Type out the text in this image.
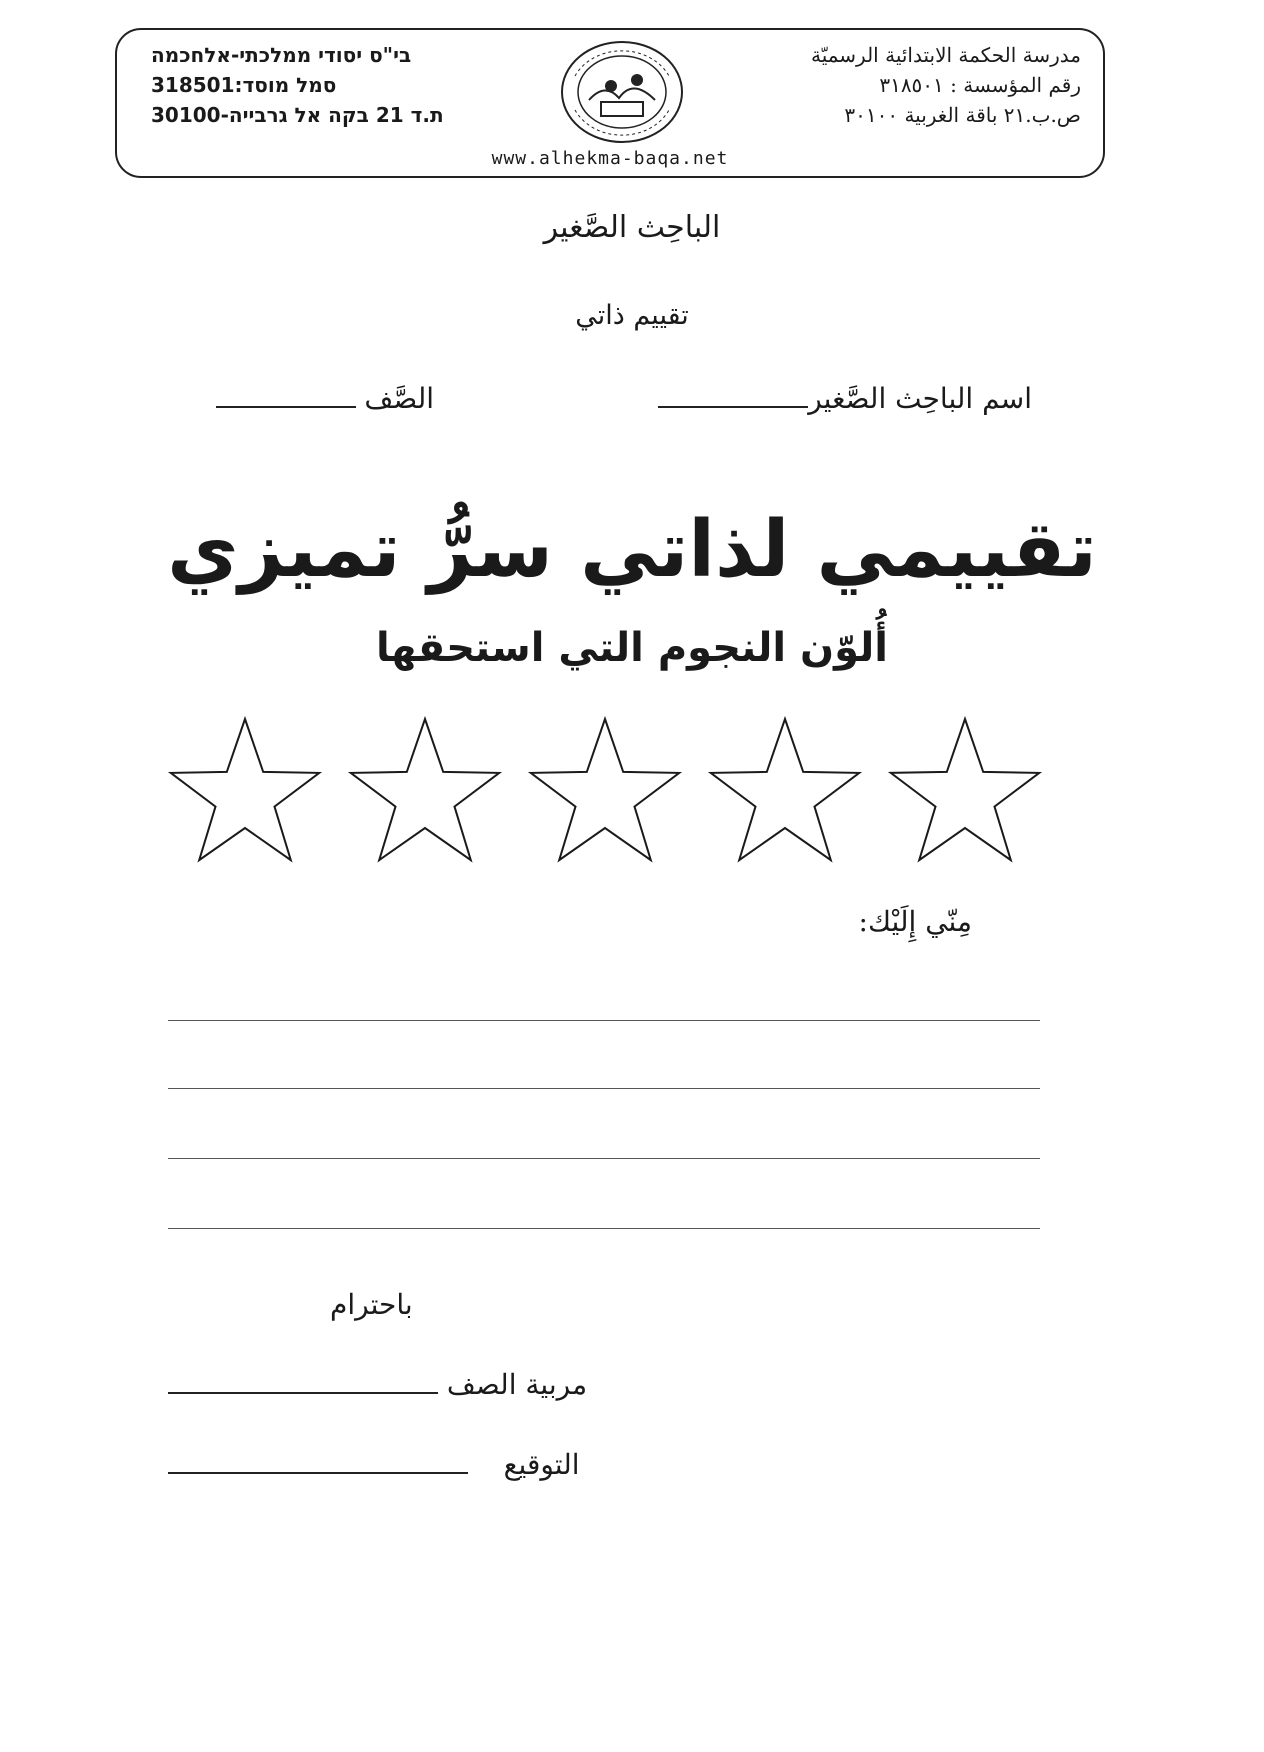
مدرسة الحكمة الابتدائية الرسميّة
رقم المؤسسة : ٣١٨٥٠١
ص.ب.٢١ باقة الغربية ٣٠١٠٠
בי"ס יסודי ממלכתי-אלחכמה
סמל מוסד:318501
ת.ד 21 בקה אל גרבייה-30100
www.alhekma-baqa.net
الباحِث الصَّغير
تقييم ذاتي
اسم الباحِث الصَّغير
الصَّف
تقييمي لذاتي سرُّ تميزي
أُلوّن النجوم التي استحقها
مِنّي إِلَيْك:
باحترام
مربية الصف
التوقيع
